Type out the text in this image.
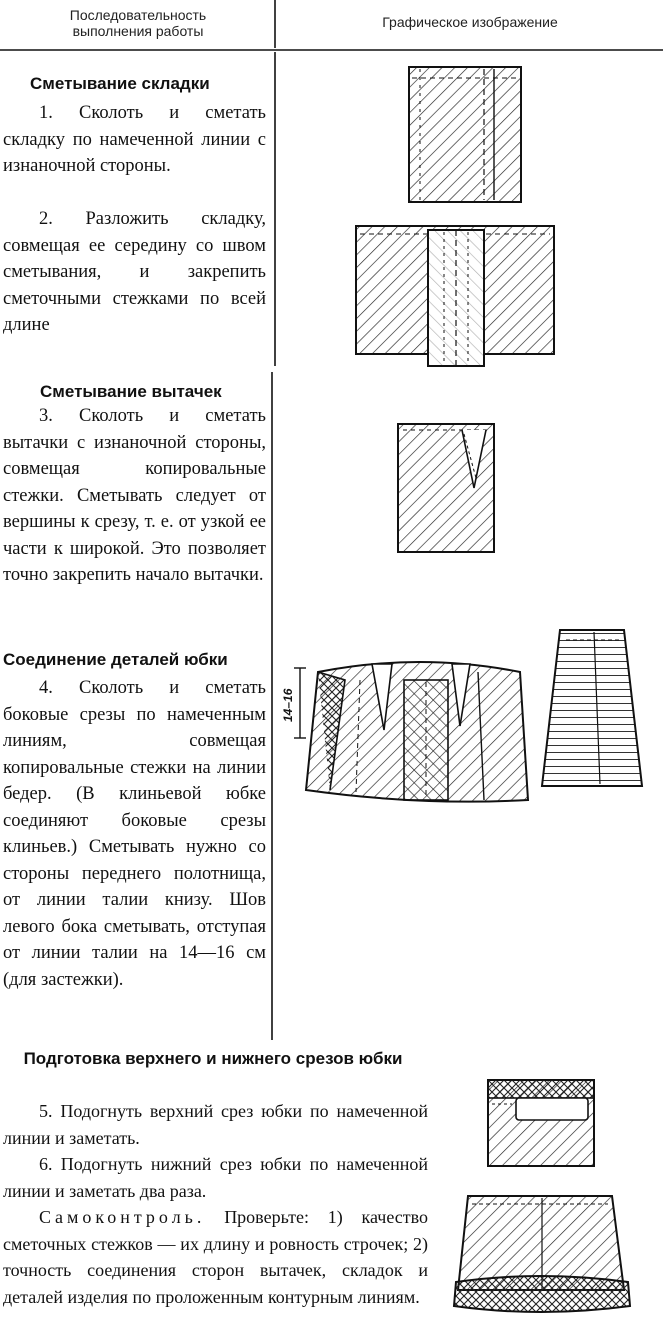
14–16
Последовательность выполнения работы
Графическое изображение
Сметывание складки
1. Сколоть и сметать складку по намеченной линии с изнаночной стороны.
2. Разложить складку, совмещая ее середину со швом сметывания, и закрепить сметочными стежками по всей длине
Сметывание вытачек
3. Сколоть и сметать вытачки с изнаночной стороны, совмещая копировальные стежки. Сметывать следует от вершины к срезу, т. е. от узкой ее части к широкой. Это позволяет точно закрепить начало вытачки.
Соединение деталей юбки
4. Сколоть и сметать боковые срезы по намеченным линиям, совмещая копировальные стежки на линии бедер. (В клиньевой юбке соединяют боковые срезы клиньев.) Сметывать нужно со стороны переднего полотнища, от линии талии книзу. Шов левого бока сметывать, отступая от линии талии на 14—16 см (для застежки).
Подготовка верхнего и нижнего срезов юбки
5. Подогнуть верхний срез юбки по намеченной линии и заметать.
6. Подогнуть нижний срез юбки по намеченной линии и заметать два раза.
Самоконтроль. Проверьте: 1) качество сметочных стежков — их длину и ровность строчек; 2) точность соединения сторон вытачек, складок и деталей изделия по проложенным контурным линиям.
